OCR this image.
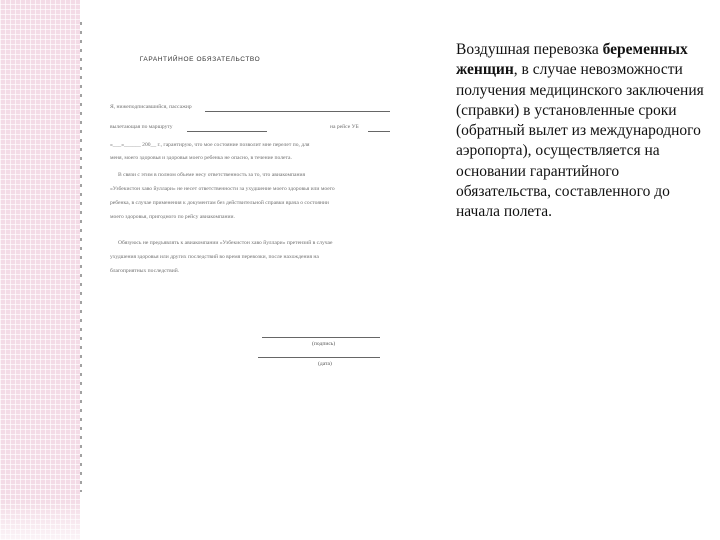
ГАРАНТИЙНОЕ ОБЯЗАТЕЛЬСТВО
Я, нижеподписавшийся, пассажир
вылетающая по маршруту	на рейсе УБ
«___»______ 200__ г., гарантирую, что мое состояние позволит мне перелет по, для
меня, моего здоровья и здоровья моего ребенка не опасно, в течение полета.
В связи с этим в полном объеме несу ответственность за то, что авиакомпания
«Узбекистон хаво йуллари» не несет ответственности за ухудшение моего здоровья или моего
ребенка, в случае применения к документам без действительной справки врача о состоянии
моего здоровья, пригодного по рейсу авиакомпании.
Обязуюсь не предъявлять к авиакомпании «Узбекистон хаво йуллари» претензий в случае
ухудшения здоровья или других последствий во время перевозки, после нахождения на
благоприятных последствий.
(подпись)
(дата)
Воздушная перевозка беременных женщин, в случае невозможности получения медицинского заключения (справки) в установленные сроки (обратный вылет из международного аэропорта), осуществляется на основании гарантийного обязательства, составленного до начала полета.
